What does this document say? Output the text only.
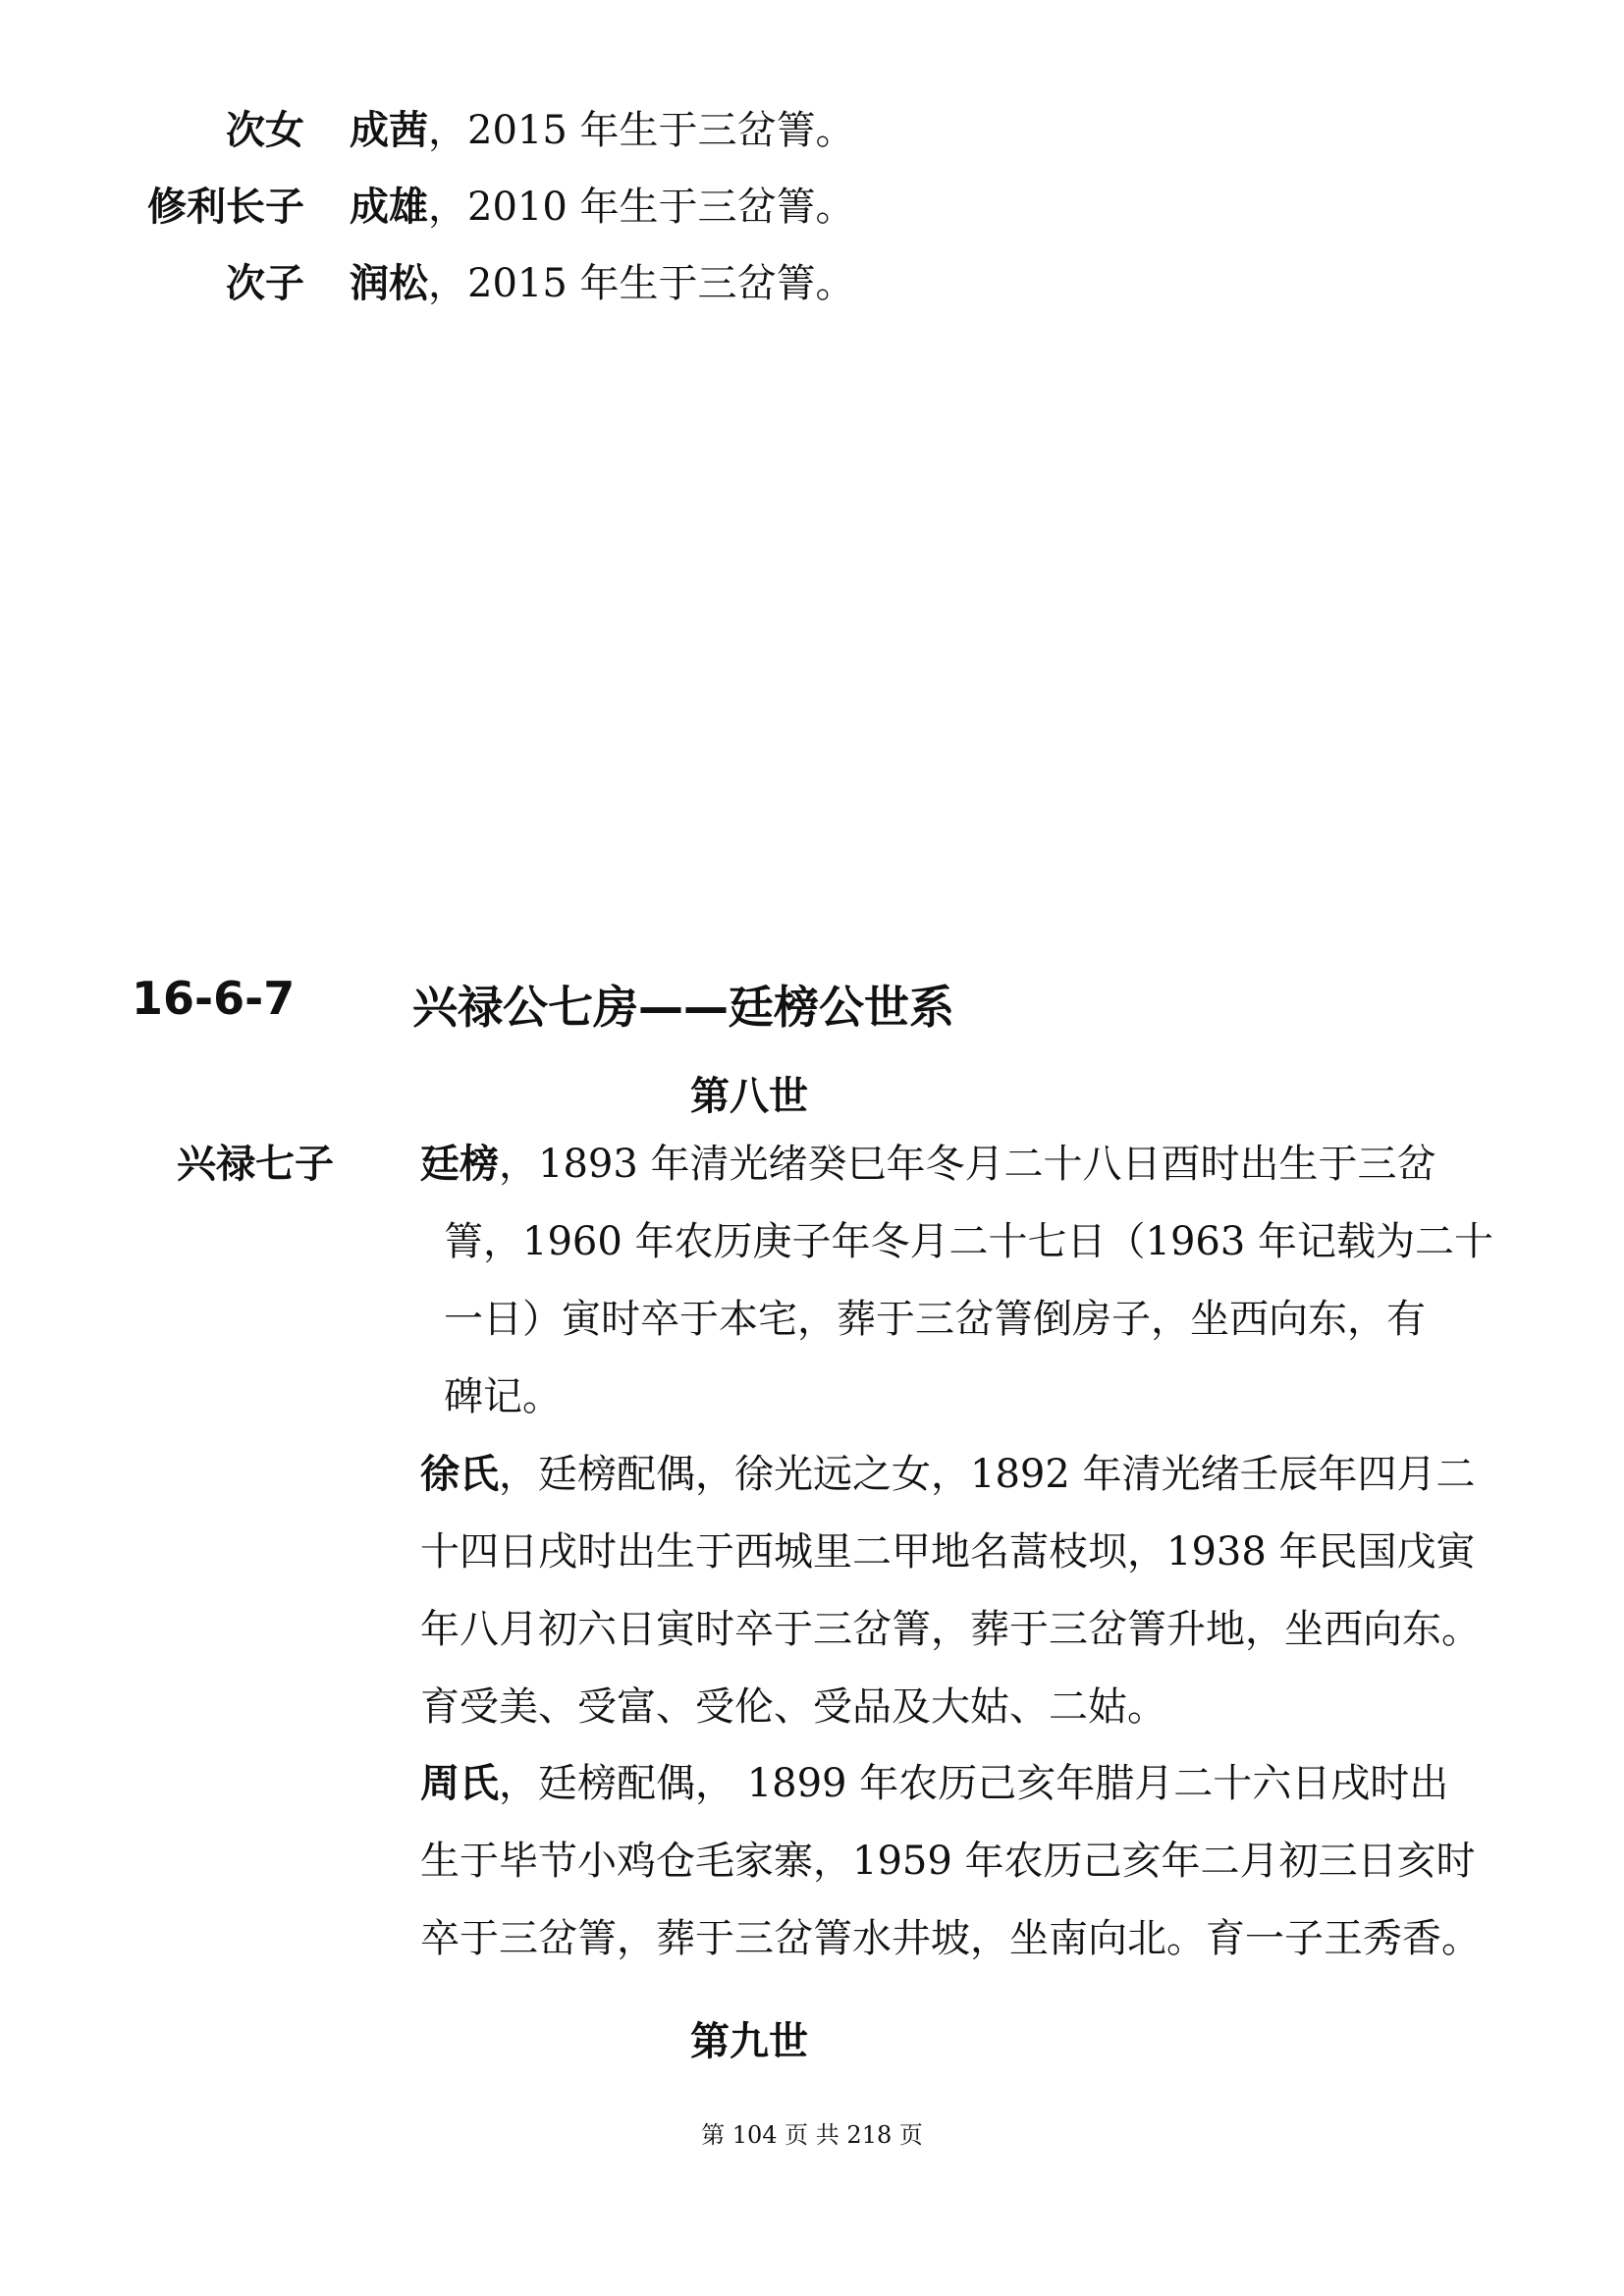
次女 成茜 ，2015 年生于三岔箐。
修利长子 成雄 ，2010 年生于三岔箐。
次子 润松 ，2015 年生于三岔箐。
16-6-7	兴禄公七房——廷榜公世系
第八世
兴禄七子 廷榜，1893 年清光绪癸巳年冬月二十八日酉时出生于三岔
箐，1960 年农历庚子年冬月二十七日（1963 年记载为二十
一日）寅时卒于本宅，葬于三岔箐倒房子，坐西向东，有
碑记。
徐氏，廷榜配偶，徐光远之女，1892 年清光绪壬辰年四月二
十四日戌时出生于西城里二甲地名蒿枝坝，1938 年民国戊寅
年八月初六日寅时卒于三岔箐，葬于三岔箐升地，坐西向东。
育受美、受富、受伦、受品及大姑、二姑。
周氏，廷榜配偶， 1899 年农历己亥年腊月二十六日戌时出
生于毕节小鸡仓毛家寨，1959 年农历己亥年二月初三日亥时
卒于三岔箐，葬于三岔箐水井坡，坐南向北。育一子王秀香。
第九世
第 104 页 共 218 页
